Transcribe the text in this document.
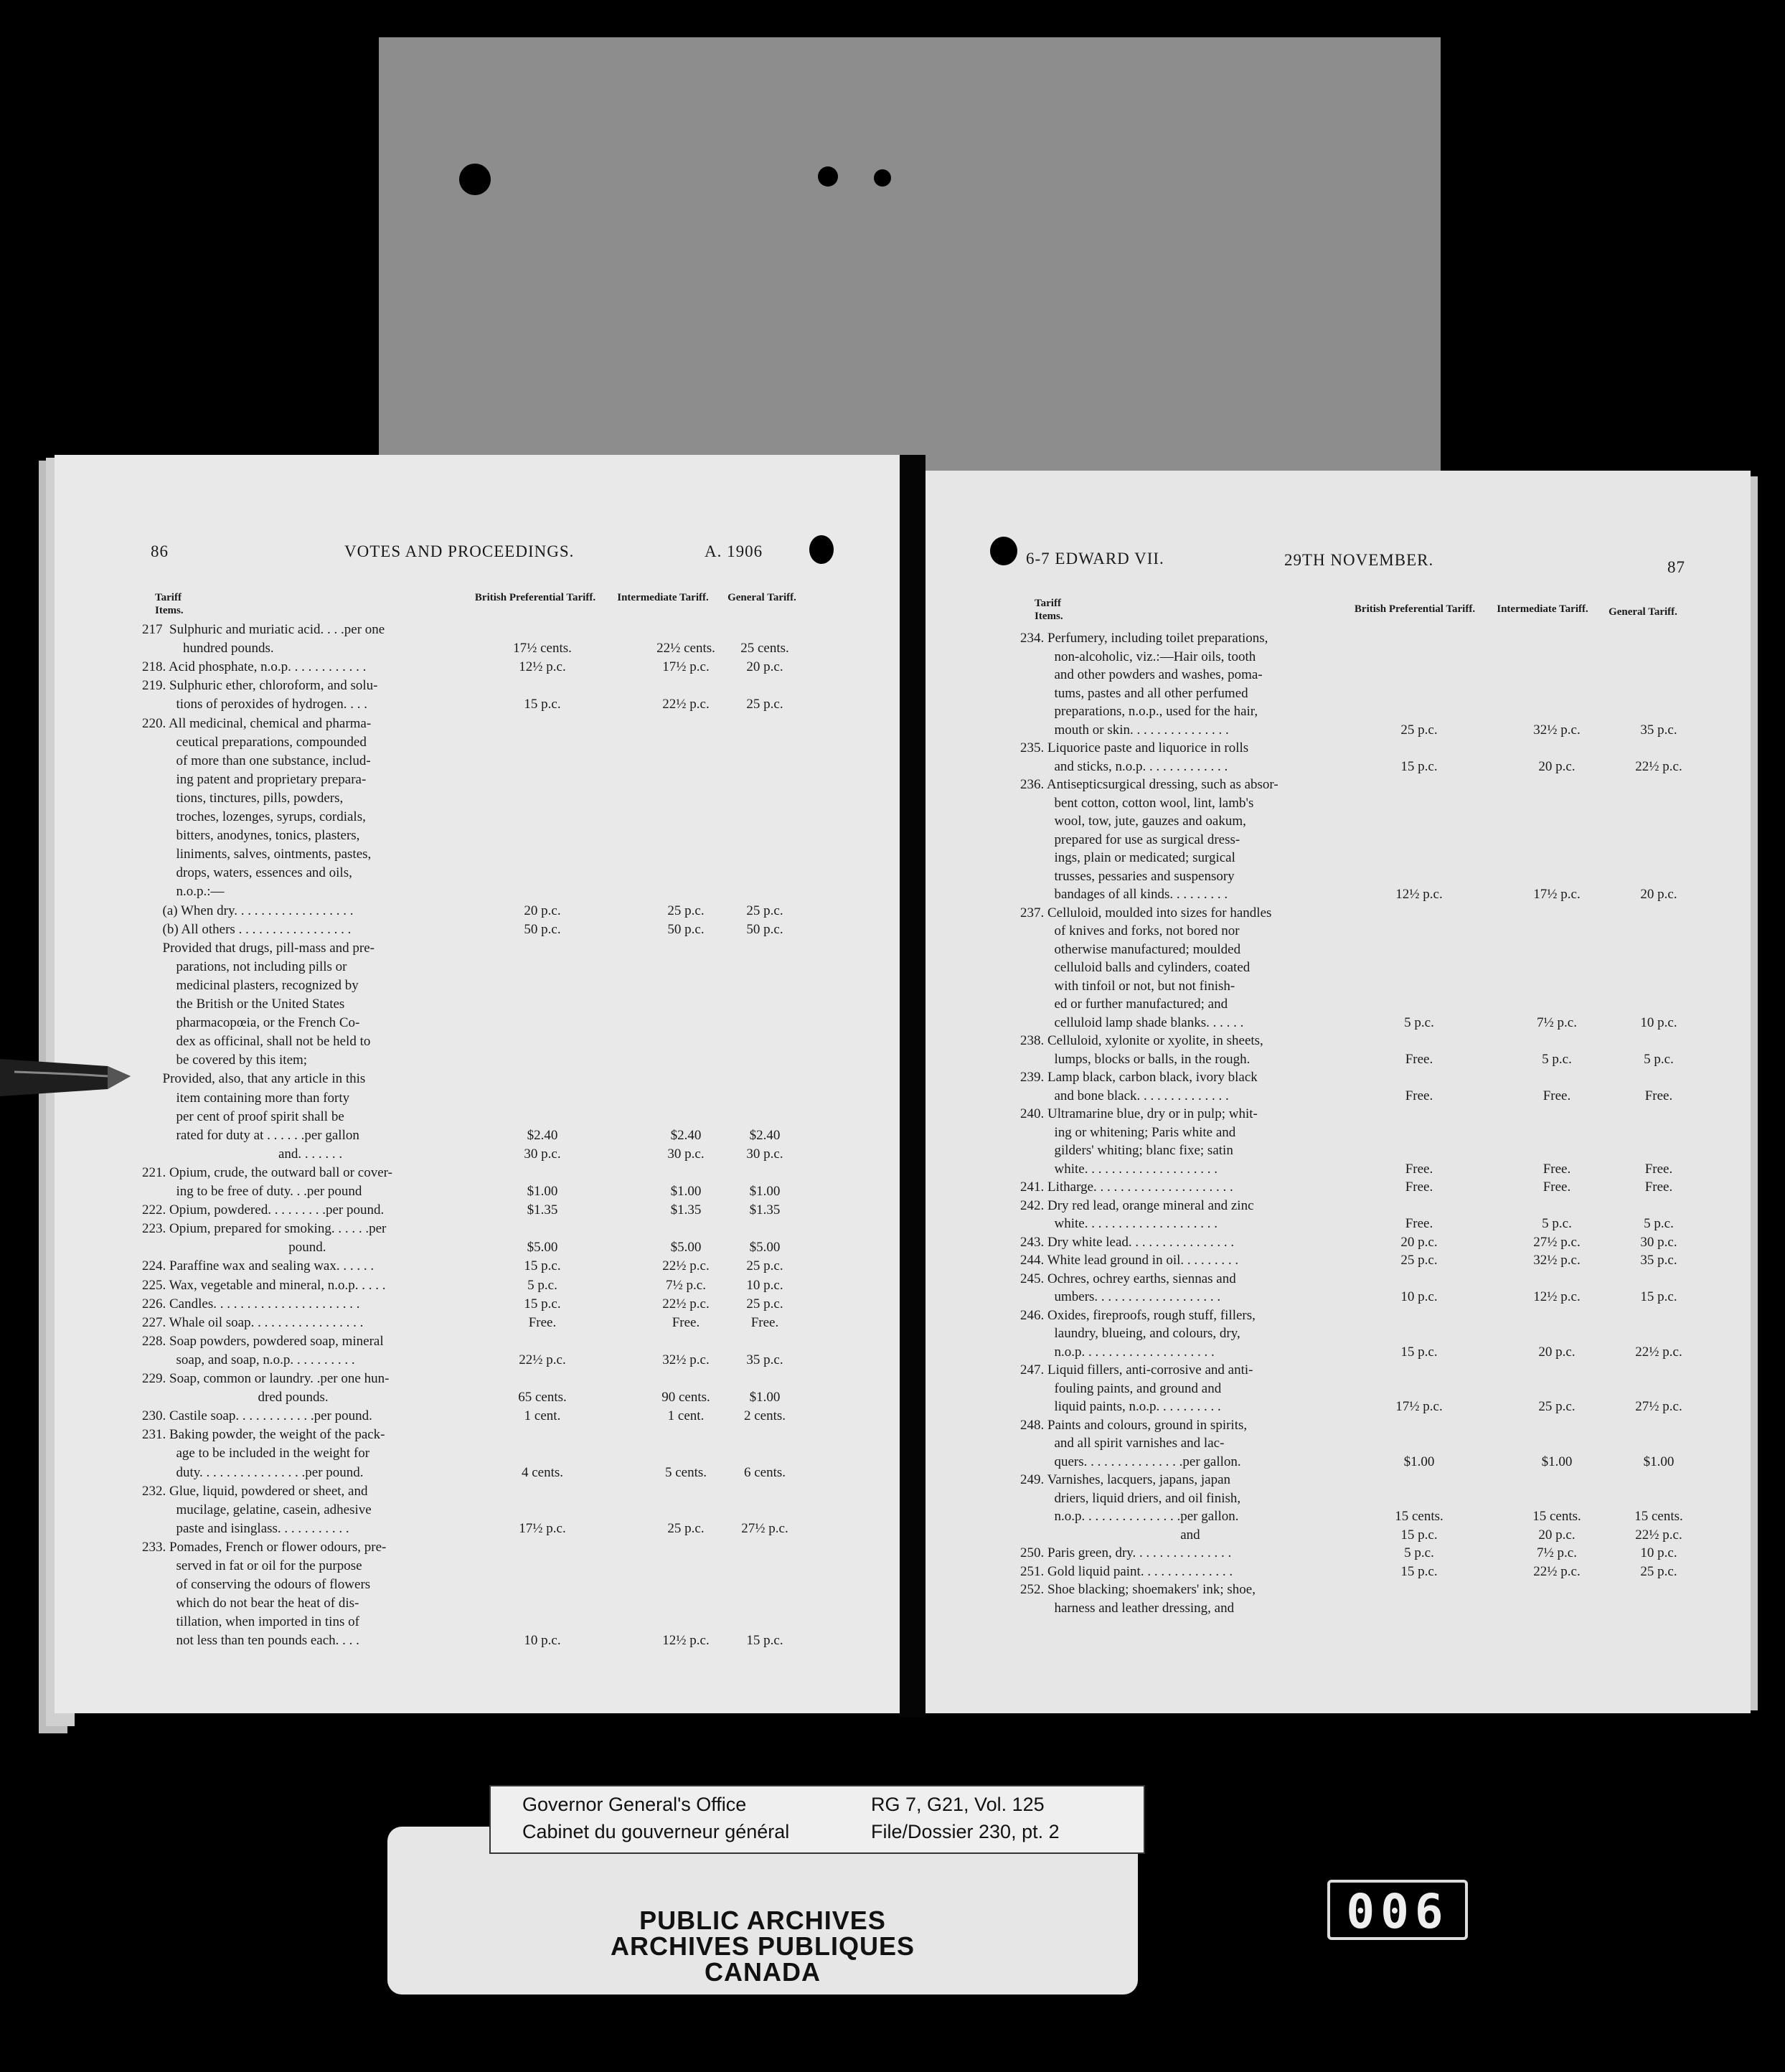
86	VOTES AND PROCEEDINGS.	A. 1906
Tariff Items.
British Preferential Tariff.	Intermediate Tariff.	General Tariff.
217  Sulphuric and muriatic acid. . . .per one
hundred pounds.	17½ cents.	22½ cents.	25 cents.
218. Acid phosphate, n.o.p. . . . . . . . . . . .	12½ p.c.	17½ p.c.	20 p.c.
219. Sulphuric ether, chloroform, and solu-
tions of peroxides of hydrogen. . . .	15 p.c.	22½ p.c.	25 p.c.
220. All medicinal, chemical and pharma-
ceutical preparations, compounded
of more than one substance, includ-
ing patent and proprietary prepara-
tions, tinctures, pills, powders,
troches, lozenges, syrups, cordials,
bitters, anodynes, tonics, plasters,
liniments, salves, ointments, pastes,
drops, waters, essences and oils,
n.o.p.:—
(a) When dry. . . . . . . . . . . . . . . . . .	20 p.c.	25 p.c.	25 p.c.
(b) All others . . . . . . . . . . . . . . . . .	50 p.c.	50 p.c.	50 p.c.
Provided that drugs, pill-mass and pre-
parations, not including pills or
medicinal plasters, recognized by
the British or the United States
pharmacopœia, or the French Co-
dex as officinal, shall not be held to
be covered by this item;
Provided, also, that any article in this
item containing more than forty
per cent of proof spirit shall be
rated for duty at . . . . . .per gallon	$2.40	$2.40	$2.40
and. . . . . . .	30 p.c.	30 p.c.	30 p.c.
221. Opium, crude, the outward ball or cover-
ing to be free of duty. . .per pound	$1.00	$1.00	$1.00
222. Opium, powdered. . . . . . . . .per pound.	$1.35	$1.35	$1.35
223. Opium, prepared for smoking. . . . . .per
pound.	$5.00	$5.00	$5.00
224. Paraffine wax and sealing wax. . . . . .	15 p.c.	22½ p.c.	25 p.c.
225. Wax, vegetable and mineral, n.o.p. . . . .	5 p.c.	7½ p.c.	10 p.c.
226. Candles. . . . . . . . . . . . . . . . . . . . . .	15 p.c.	22½ p.c.	25 p.c.
227. Whale oil soap. . . . . . . . . . . . . . . . .	Free.	Free.	Free.
228. Soap powders, powdered soap, mineral
soap, and soap, n.o.p. . . . . . . . . .	22½ p.c.	32½ p.c.	35 p.c.
229. Soap, common or laundry. .per one hun-
dred pounds.	65 cents.	90 cents.	$1.00
230. Castile soap. . . . . . . . . . . .per pound.	1 cent.	1 cent.	2 cents.
231. Baking powder, the weight of the pack-
age to be included in the weight for
duty. . . . . . . . . . . . . . . .per pound.	4 cents.	5 cents.	6 cents.
232. Glue, liquid, powdered or sheet, and
mucilage, gelatine, casein, adhesive
paste and isinglass. . . . . . . . . . .	17½ p.c.	25 p.c.	27½ p.c.
233. Pomades, French or flower odours, pre-
served in fat or oil for the purpose
of conserving the odours of flowers
which do not bear the heat of dis-
tillation, when imported in tins of
not less than ten pounds each. . . .	10 p.c.	12½ p.c.	15 p.c.
6-7 EDWARD VII.	29TH NOVEMBER.	87
Tariff Items.
British Preferential Tariff.	Intermediate Tariff.	General Tariff.
234. Perfumery, including toilet preparations,
non-alcoholic, viz.:—Hair oils, tooth
and other powders and washes, poma-
tums, pastes and all other perfumed
preparations, n.o.p., used for the hair,
mouth or skin. . . . . . . . . . . . . . .	25 p.c.	32½ p.c.	35 p.c.
235. Liquorice paste and liquorice in rolls
and sticks, n.o.p. . . . . . . . . . . . .	15 p.c.	20 p.c.	22½ p.c.
236. Antisepticsurgical dressing, such as absor-
bent cotton, cotton wool, lint, lamb's
wool, tow, jute, gauzes and oakum,
prepared for use as surgical dress-
ings, plain or medicated; surgical
trusses, pessaries and suspensory
bandages of all kinds. . . . . . . . .	12½ p.c.	17½ p.c.	20 p.c.
237. Celluloid, moulded into sizes for handles
of knives and forks, not bored nor
otherwise manufactured; moulded
celluloid balls and cylinders, coated
with tinfoil or not, but not finish-
ed or further manufactured; and
celluloid lamp shade blanks. . . . . .	5 p.c.	7½ p.c.	10 p.c.
238. Celluloid, xylonite or xyolite, in sheets,
lumps, blocks or balls, in the rough.	Free.	5 p.c.	5 p.c.
239. Lamp black, carbon black, ivory black
and bone black. . . . . . . . . . . . . .	Free.	Free.	Free.
240. Ultramarine blue, dry or in pulp; whit-
ing or whitening; Paris white and
gilders' whiting; blanc fixe; satin
white. . . . . . . . . . . . . . . . . . . .	Free.	Free.	Free.
241. Litharge. . . . . . . . . . . . . . . . . . . . .	Free.	Free.	Free.
242. Dry red lead, orange mineral and zinc
white. . . . . . . . . . . . . . . . . . . .	Free.	5 p.c.	5 p.c.
243. Dry white lead. . . . . . . . . . . . . . . .	20 p.c.	27½ p.c.	30 p.c.
244. White lead ground in oil. . . . . . . . .	25 p.c.	32½ p.c.	35 p.c.
245. Ochres, ochrey earths, siennas and
umbers. . . . . . . . . . . . . . . . . . .	10 p.c.	12½ p.c.	15 p.c.
246. Oxides, fireproofs, rough stuff, fillers,
laundry, blueing, and colours, dry,
n.o.p. . . . . . . . . . . . . . . . . . . .	15 p.c.	20 p.c.	22½ p.c.
247. Liquid fillers, anti-corrosive and anti-
fouling paints, and ground and
liquid paints, n.o.p. . . . . . . . . .	17½ p.c.	25 p.c.	27½ p.c.
248. Paints and colours, ground in spirits,
and all spirit varnishes and lac-
quers. . . . . . . . . . . . . . .per gallon.	$1.00	$1.00	$1.00
249. Varnishes, lacquers, japans, japan
driers, liquid driers, and oil finish,
n.o.p. . . . . . . . . . . . . . .per gallon.	15 cents.	15 cents.	15 cents.
and	15 p.c.	20 p.c.	22½ p.c.
250. Paris green, dry. . . . . . . . . . . . . . .	5 p.c.	7½ p.c.	10 p.c.
251. Gold liquid paint. . . . . . . . . . . . . .	15 p.c.	22½ p.c.	25 p.c.
252. Shoe blacking; shoemakers' ink; shoe,
harness and leather dressing, and
PUBLIC ARCHIVES
ARCHIVES PUBLIQUES
CANADA
Governor General's Office
Cabinet du gouverneur général
RG 7, G21, Vol. 125
File/Dossier 230, pt. 2
006
